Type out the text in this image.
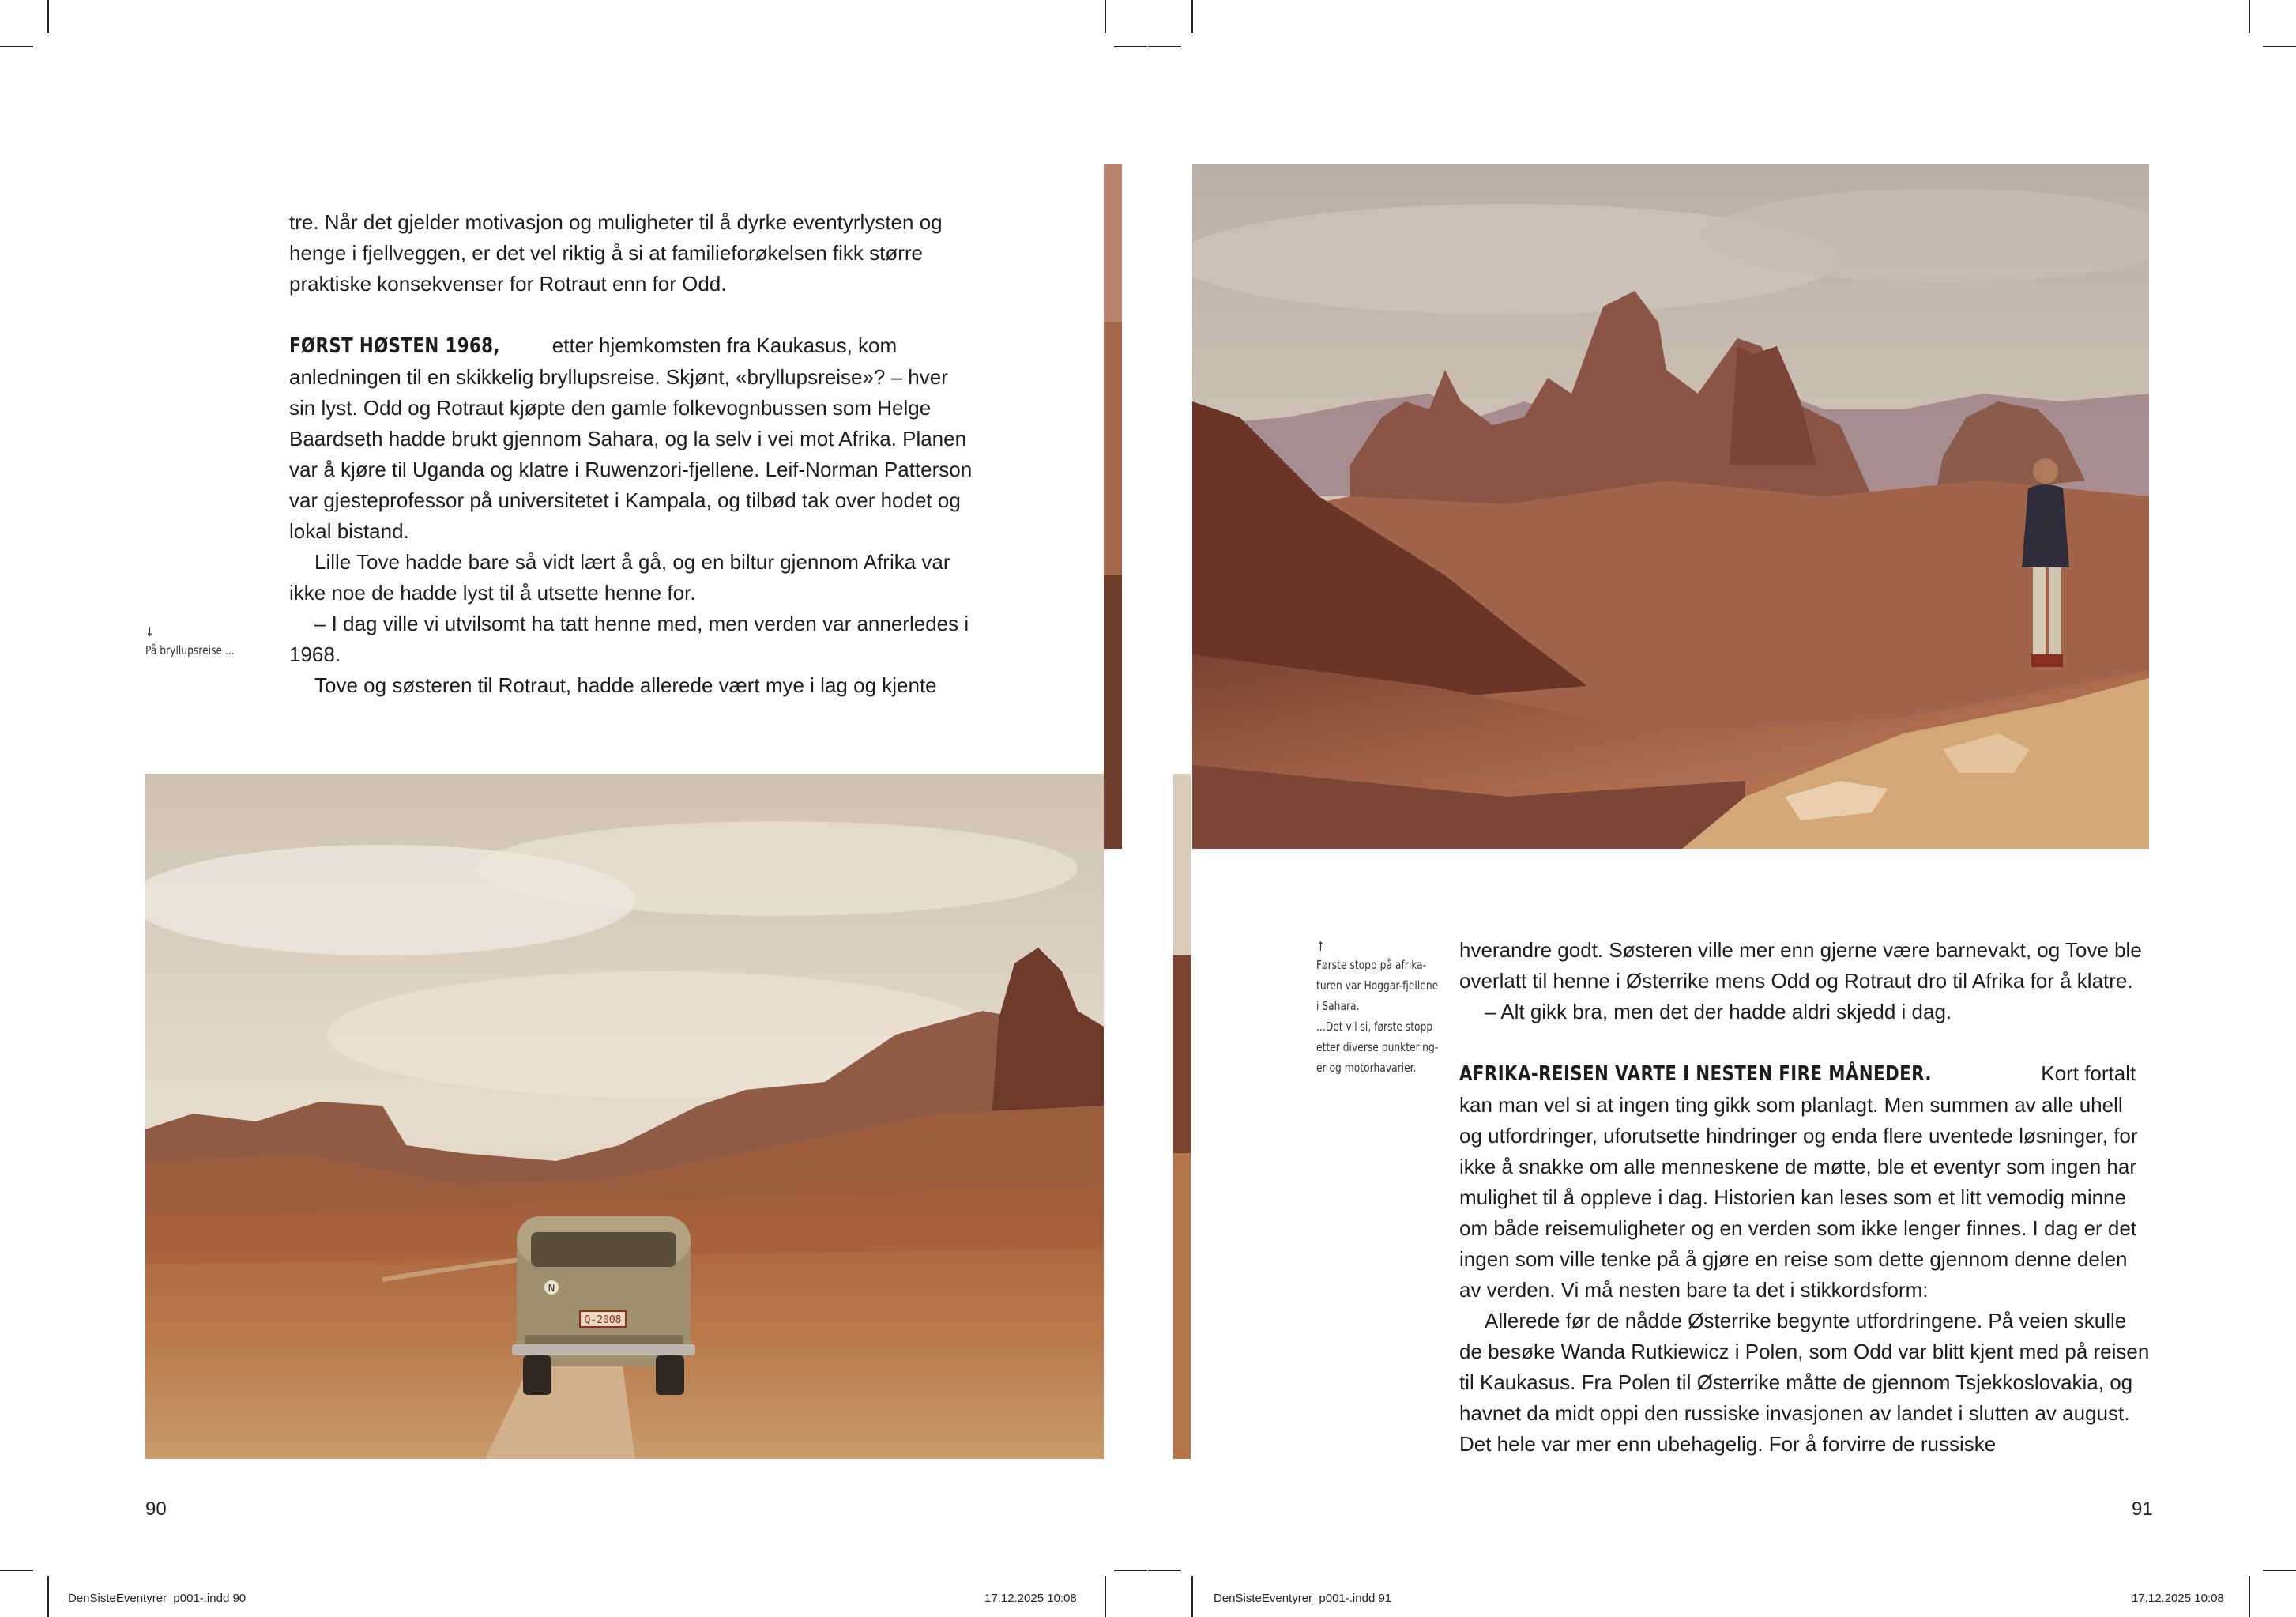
tre. Når det gjelder motivasjon og muligheter til å dyrke eventyrlysten og henge i fjellveggen, er det vel riktig å si at familieforøkelsen fikk større praktiske konsekvenser for Rotraut enn for Odd.

FØRST HØSTEN 1968, etter hjemkomsten fra Kaukasus, kom anledningen til en skikkelig bryllupsreise. Skjønt, «bryllupsreise»? – hver sin lyst. Odd og Rotraut kjøpte den gamle folkevognbussen som Helge Baardseth hadde brukt gjennom Sahara, og la selv i vei mot Afrika. Planen var å kjøre til Uganda og klatre i Ruwenzori-fjellene. Leif-Norman Patterson var gjesteprofessor på universitetet i Kampala, og tilbød tak over hodet og lokal bistand.

Lille Tove hadde bare så vidt lært å gå, og en biltur gjennom Afrika var ikke noe de hadde lyst til å utsette henne for.

– I dag ville vi utvilsomt ha tatt henne med, men verden var annerledes i 1968.

Tove og søsteren til Rotraut, hadde allerede vært mye i lag og kjente

↓
På bryllupsreise ...
N
Q-2008
90
DenSisteEventyrer_p001-.indd 90	17.12.2025 10:08
↑
Første stopp på afrika-
turen var Hoggar-fjellene
i Sahara.
...Det vil si, første stopp
etter diverse punktering-
er og motorhavarier.

hverandre godt. Søsteren ville mer enn gjerne være barnevakt, og Tove ble overlatt til henne i Østerrike mens Odd og Rotraut dro til Afrika for å klatre.

– Alt gikk bra, men det der hadde aldri skjedd i dag.

AFRIKA-REISEN VARTE I NESTEN FIRE MÅNEDER.	Kort fortalt kan man vel si at ingen ting gikk som planlagt. Men summen av alle uhell og utfordringer, uforutsette hindringer og enda flere uventede løsninger, for ikke å snakke om alle menneskene de møtte, ble et eventyr som ingen har mulighet til å oppleve i dag. Historien kan leses som et litt vemodig minne om både reisemuligheter og en verden som ikke lenger finnes. I dag er det ingen som ville tenke på å gjøre en reise som dette gjennom denne delen av verden. Vi må nesten bare ta det i stikkordsform:

Allerede før de nådde Østerrike begynte utfordringene. På veien skulle de besøke Wanda Rutkiewicz i Polen, som Odd var blitt kjent med på reisen til Kaukasus. Fra Polen til Østerrike måtte de gjennom Tsjekkoslovakia, og havnet da midt oppi den russiske invasjonen av landet i slutten av august. Det hele var mer enn ubehagelig. For å forvirre de russiske

91
DenSisteEventyrer_p001-.indd 91	17.12.2025 10:08
